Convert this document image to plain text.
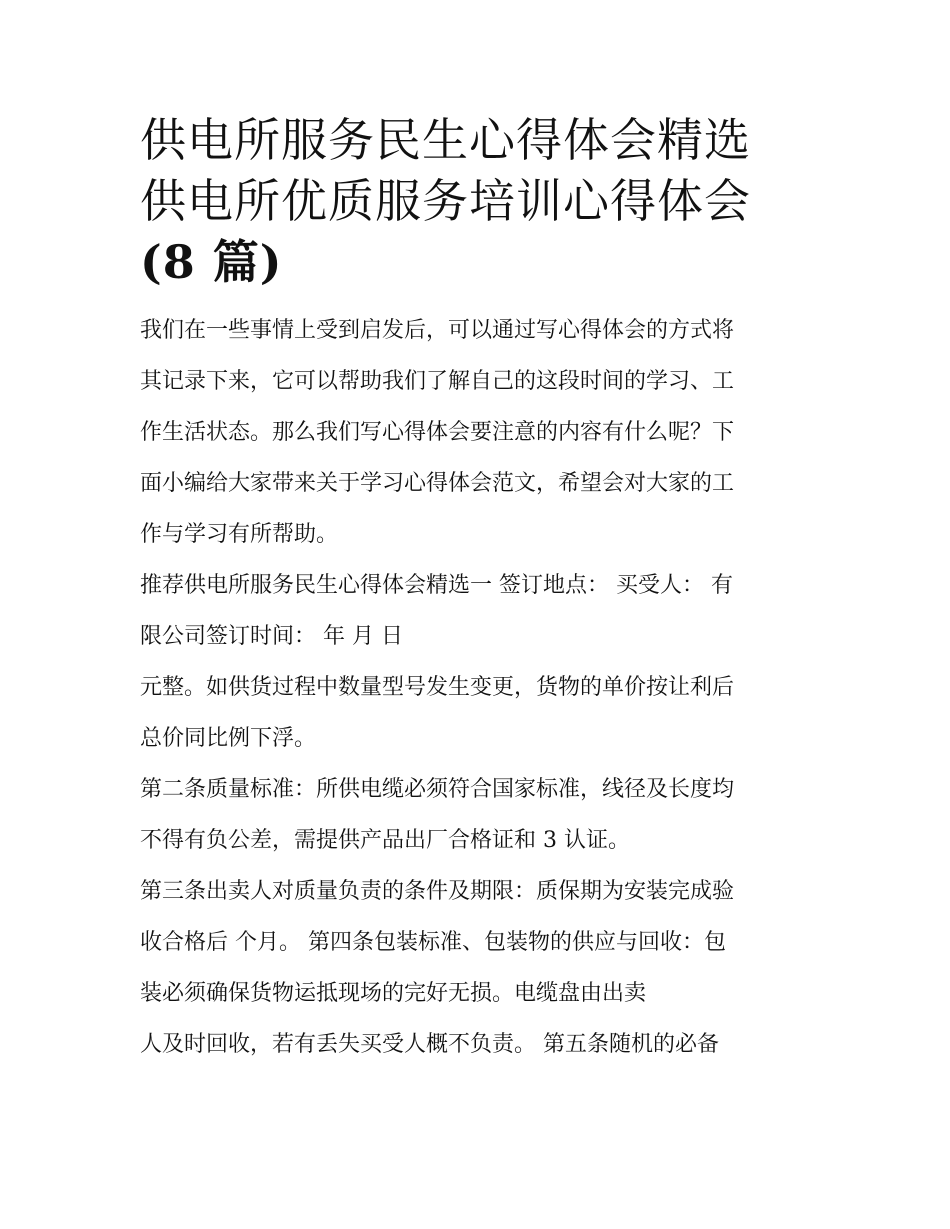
供电所服务民生心得体会精选
供电所优质服务培训心得体会
(8 篇)
我们在一些事情上受到启发后，可以通过写心得体会的方式将
其记录下来，它可以帮助我们了解自己的这段时间的学习、工
作生活状态。那么我们写心得体会要注意的内容有什么呢？下
面小编给大家带来关于学习心得体会范文，希望会对大家的工
作与学习有所帮助。
推荐供电所服务民生心得体会精选一 签订地点： 买受人： 有
限公司签订时间： 年 月 日
元整。如供货过程中数量型号发生变更，货物的单价按让利后
总价同比例下浮。
第二条质量标准：所供电缆必须符合国家标准，线径及长度均
不得有负公差，需提供产品出厂合格证和 3 认证。
第三条出卖人对质量负责的条件及期限：质保期为安装完成验
收合格后 个月。 第四条包装标准、包装物的供应与回收：包
装必须确保货物运抵现场的完好无损。电缆盘由出卖
人及时回收，若有丢失买受人概不负责。 第五条随机的必备
